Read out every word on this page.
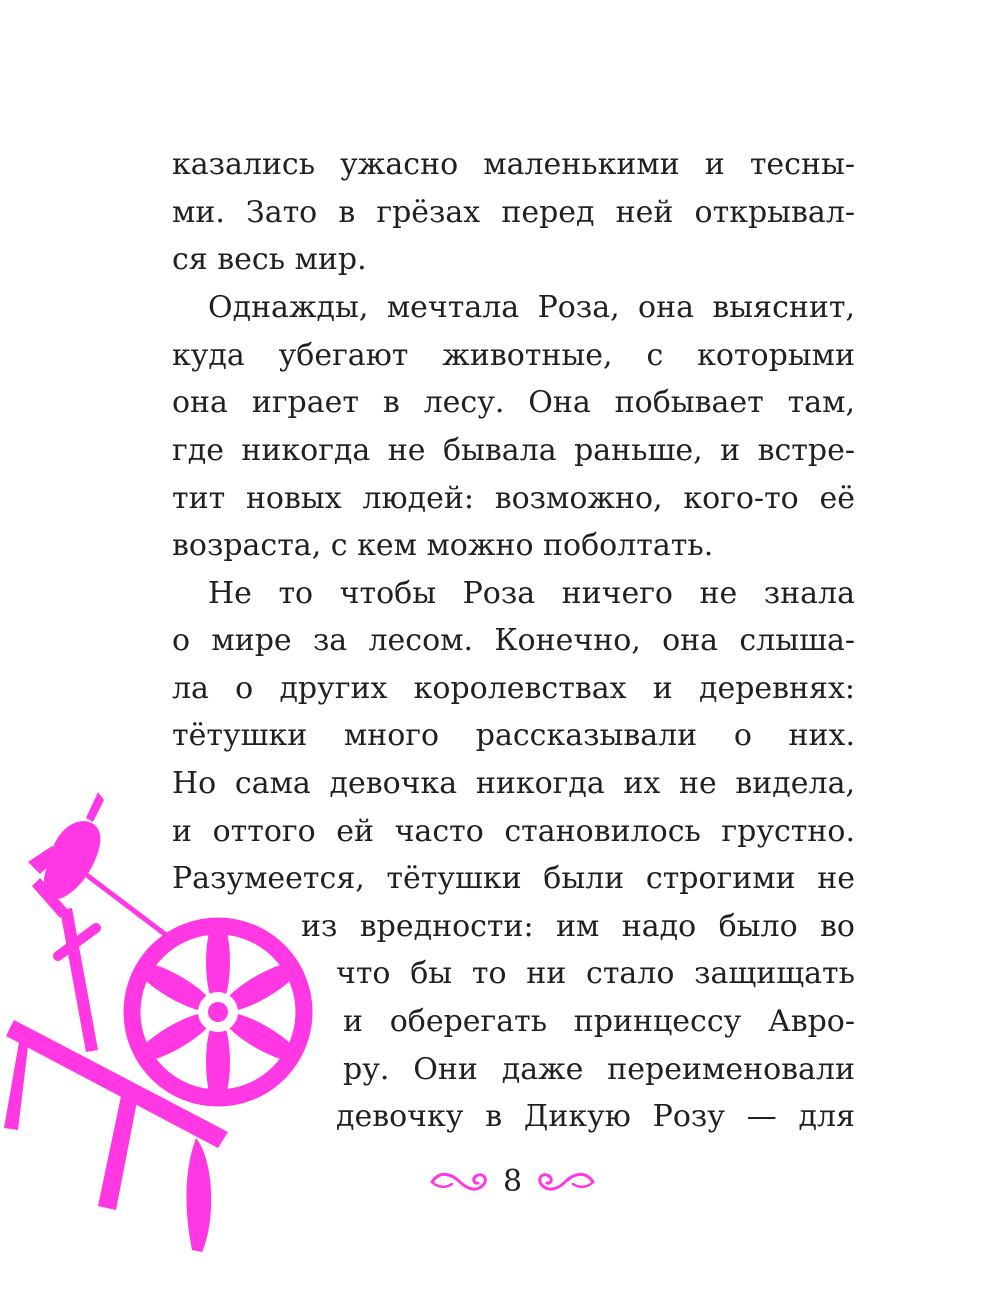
казались ужасно маленькими и тесны-
ми. Зато в грёзах перед ней открывал-
ся весь мир.
Однажды, мечтала Роза, она выяснит,
куда убегают животные, с которыми
она играет в лесу. Она побывает там,
где никогда не бывала раньше, и встре-
тит новых людей: возможно, кого-то её
возраста, с кем можно поболтать.
Не то чтобы Роза ничего не знала
о мире за лесом. Конечно, она слыша-
ла о других королевствах и деревнях:
тётушки много рассказывали о них.
Но сама девочка никогда их не видела,
и оттого ей часто становилось грустно.
Разумеется, тётушки были строгими не
из вредности: им надо было во
что бы то ни стало защищать
и оберегать принцессу Авро-
ру. Они даже переименовали
девочку в Дикую Розу — для
8
